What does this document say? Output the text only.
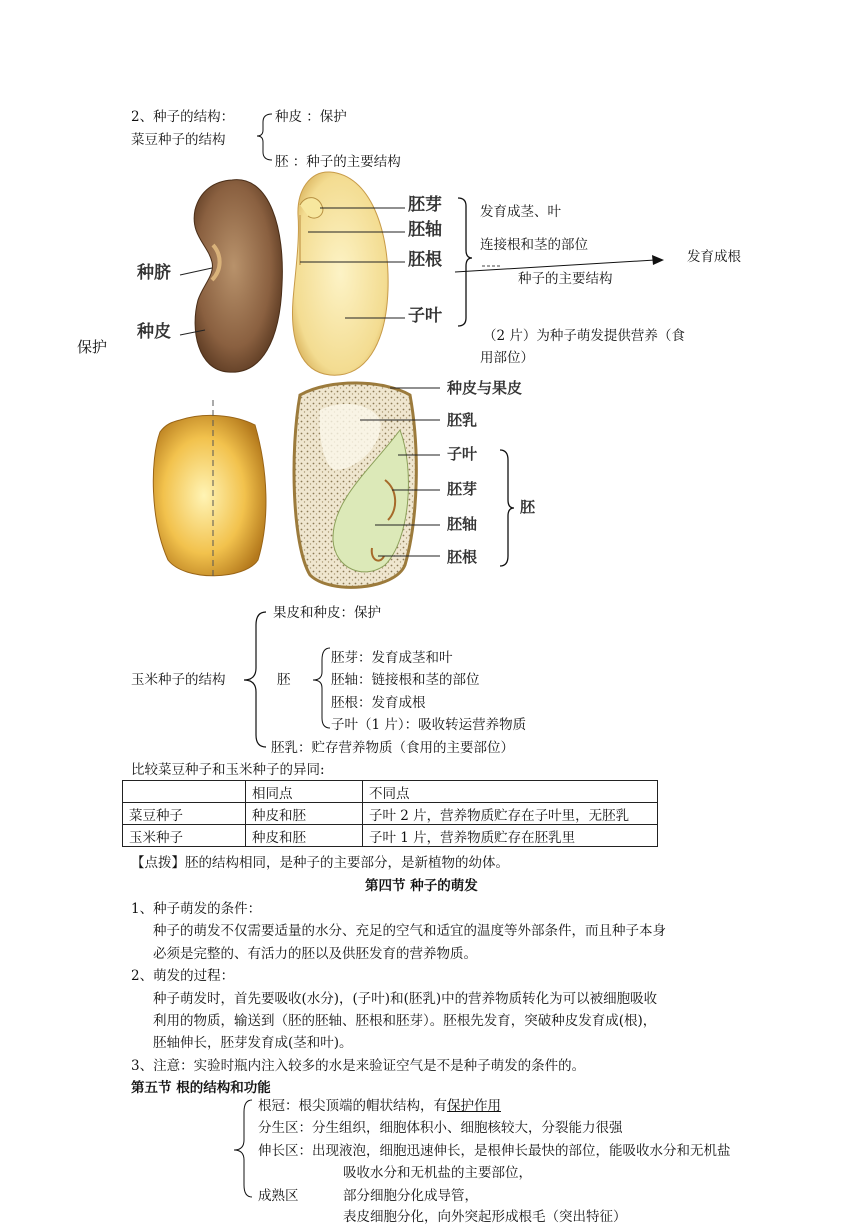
2、种子的结构：
菜豆种子的结构
种皮 ：保护
胚 ：种子的主要结构
保护
种脐
种皮
胚芽
胚轴
胚根
子叶
发育成茎、叶
连接根和茎的部位
发育成根
种子的主要结构
（2 片）为种子萌发提供营养（食
用部位）
种皮与果皮
胚乳
子叶
胚芽
胚轴
胚根
胚
果皮和种皮：保护
玉米种子的结构	胚
胚芽：发育成茎和叶
胚轴：链接根和茎的部位
胚根：发育成根
子叶（1 片）：吸收转运营养物质
胚乳：贮存营养物质（食用的主要部位）
比较菜豆种子和玉米种子的异同:
	相同点	不同点
菜豆种子	种皮和胚	子叶 2 片，营养物质贮存在子叶里，无胚乳
玉米种子	种皮和胚	子叶 1 片，营养物质贮存在胚乳里
【点拨】胚的结构相同，是种子的主要部分，是新植物的幼体。
第四节 种子的萌发
1、种子萌发的条件：
种子的萌发不仅需要适量的水分、充足的空气和适宜的温度等外部条件，而且种子本身
必须是完整的、有活力的胚以及供胚发育的营养物质。
2、萌发的过程：
种子萌发时，首先要吸收(水分)，(子叶)和(胚乳)中的营养物质转化为可以被细胞吸收
利用的物质，输送到（胚的胚轴、胚根和胚芽）。胚根先发育，突破种皮发育成(根)，
胚轴伸长，胚芽发育成(茎和叶)。
3、注意：实验时瓶内注入较多的水是来验证空气是不是种子萌发的条件的。
第五节 根的结构和功能
根冠：根尖顶端的帽状结构，有保护作用
分生区：分生组织，细胞体积小、细胞核较大，分裂能力很强
伸长区：出现液泡，细胞迅速伸长，是根伸长最快的部位，能吸收水分和无机盐
吸收水分和无机盐的主要部位，
成熟区	部分细胞分化成导管，
表皮细胞分化，向外突起形成根毛（突出特征）
